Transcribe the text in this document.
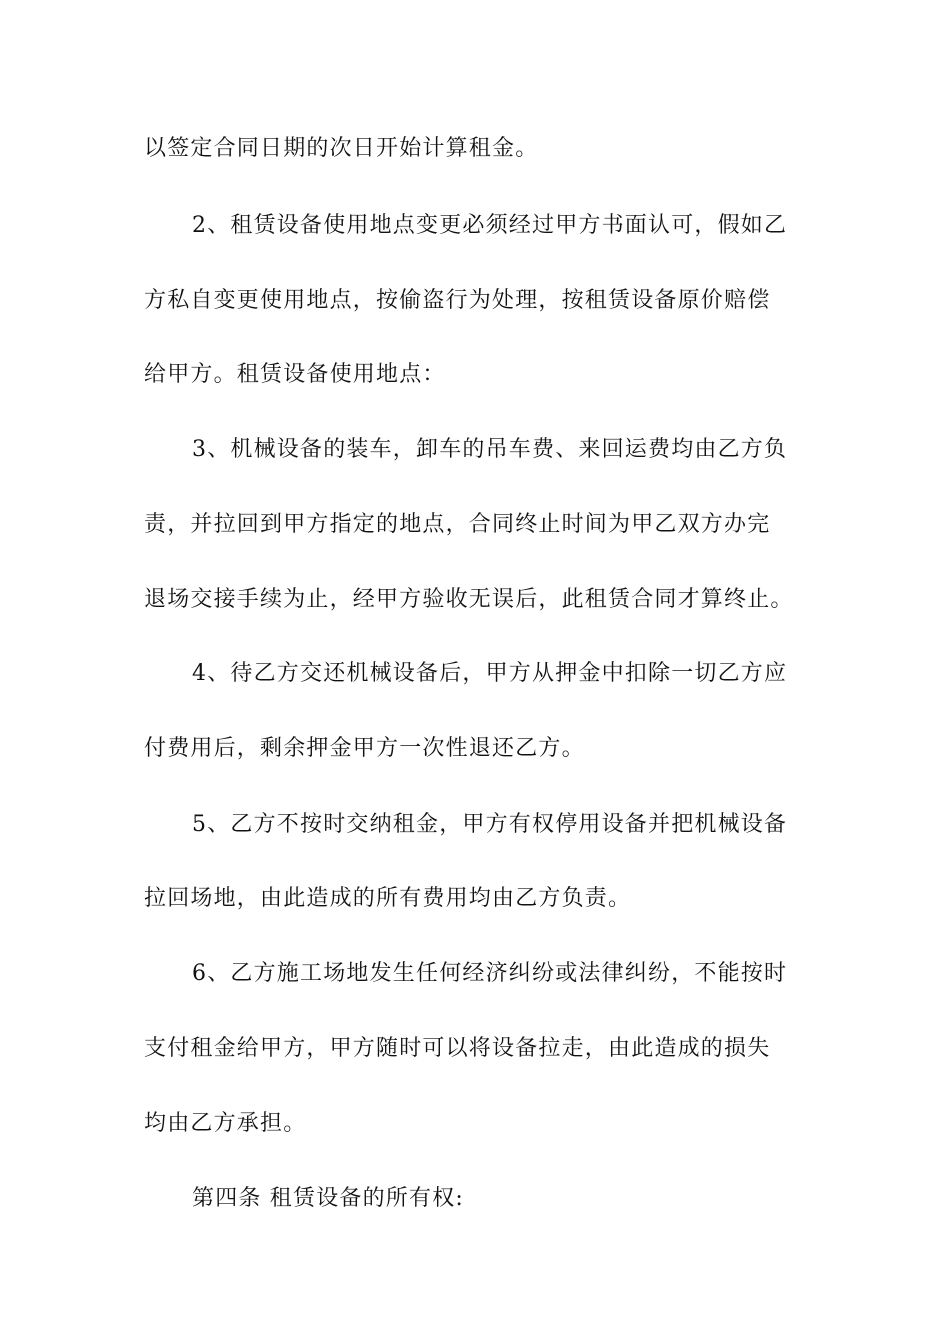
以签定合同日期的次日开始计算租金。
2、租赁设备使用地点变更必须经过甲方书面认可，假如乙
方私自变更使用地点，按偷盗行为处理，按租赁设备原价赔偿
给甲方。租赁设备使用地点：
3、机械设备的装车，卸车的吊车费、来回运费均由乙方负
责，并拉回到甲方指定的地点，合同终止时间为甲乙双方办完
退场交接手续为止，经甲方验收无误后，此租赁合同才算终止。
4、待乙方交还机械设备后，甲方从押金中扣除一切乙方应
付费用后，剩余押金甲方一次性退还乙方。
5、乙方不按时交纳租金，甲方有权停用设备并把机械设备
拉回场地，由此造成的所有费用均由乙方负责。
6、乙方施工场地发生任何经济纠纷或法律纠纷，不能按时
支付租金给甲方，甲方随时可以将设备拉走，由此造成的损失
均由乙方承担。
第四条 租赁设备的所有权:
